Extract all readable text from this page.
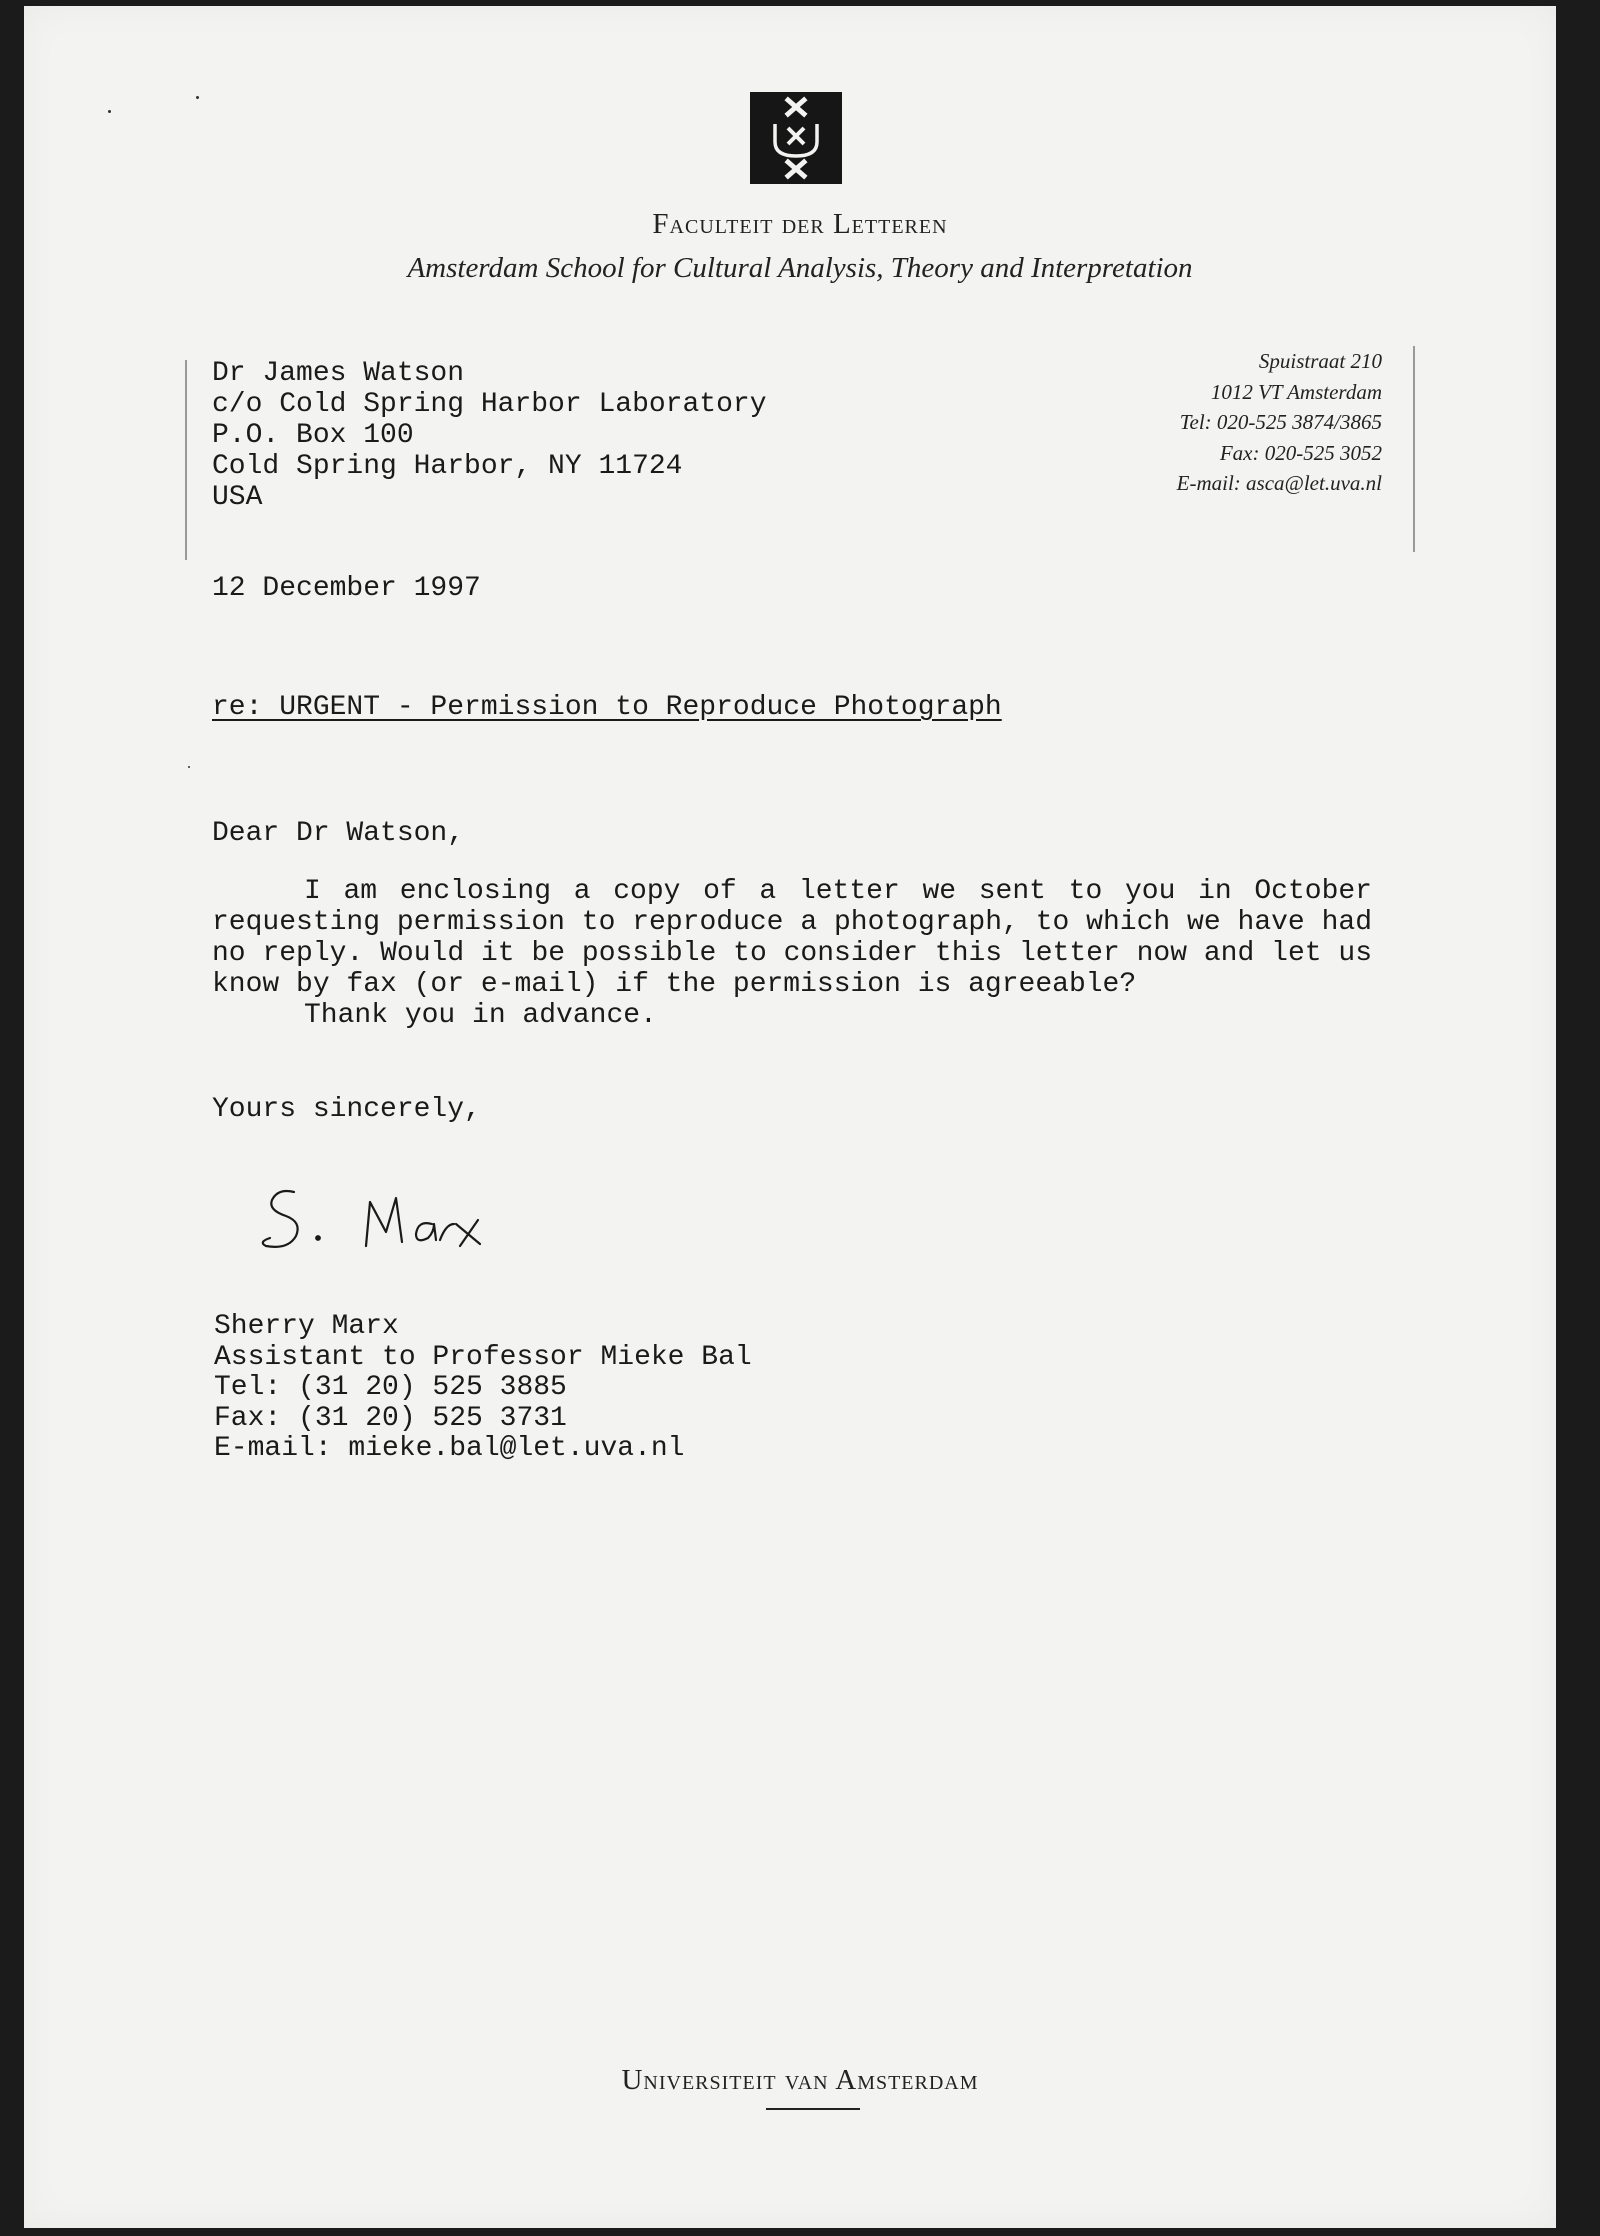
Faculteit der Letteren
Amsterdam School for Cultural Analysis, Theory and Interpretation
Dr James Watson
c/o Cold Spring Harbor Laboratory
P.O. Box 100
Cold Spring Harbor, NY 11724
USA
Spuistraat 210
1012 VT Amsterdam
Tel: 020-525 3874/3865
Fax: 020-525 3052
E-mail: asca@let.uva.nl
12 December 1997
re: URGENT - Permission to Reproduce Photograph
Dear Dr Watson,
I am enclosing a copy of a letter we sent to you in October requesting permission to reproduce a photograph, to which we have had no reply. Would it be possible to consider this letter now and let us know by fax (or e-mail) if the permission is agreeable?
Thank you in advance.
Yours sincerely,
Sherry Marx
Assistant to Professor Mieke Bal
Tel: (31 20) 525 3885
Fax: (31 20) 525 3731
E-mail: mieke.bal@let.uva.nl
Universiteit van Amsterdam
